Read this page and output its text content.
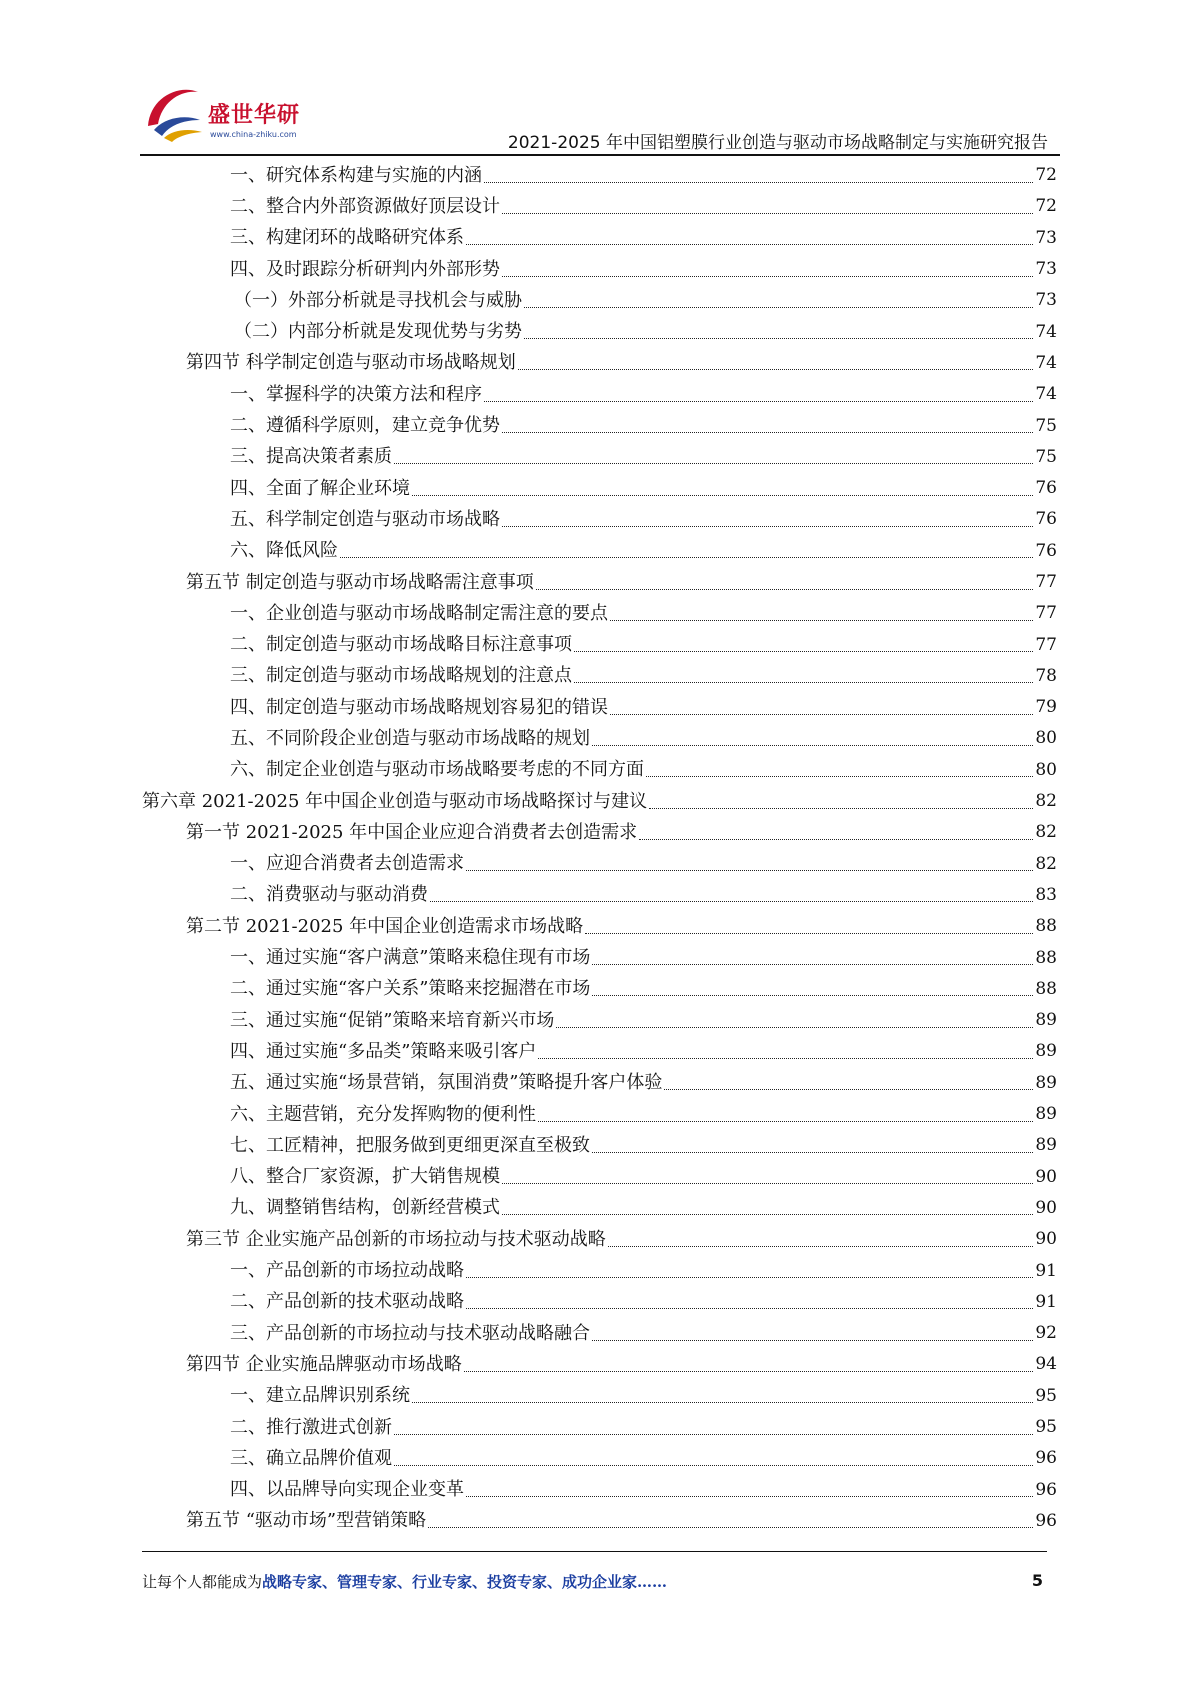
盛世华研
www.china-zhiku.com	2021-2025 年中国铝塑膜行业创造与驱动市场战略制定与实施研究报告
一、研究体系构建与实施的内涵	72
二、整合内外部资源做好顶层设计	72
三、构建闭环的战略研究体系	73
四、及时跟踪分析研判内外部形势	73
（一）外部分析就是寻找机会与威胁	73
（二）内部分析就是发现优势与劣势	74
第四节 科学制定创造与驱动市场战略规划	74
一、掌握科学的决策方法和程序	74
二、遵循科学原则，建立竞争优势	75
三、提高决策者素质	75
四、全面了解企业环境	76
五、科学制定创造与驱动市场战略	76
六、降低风险	76
第五节 制定创造与驱动市场战略需注意事项	77
一、企业创造与驱动市场战略制定需注意的要点	77
二、制定创造与驱动市场战略目标注意事项	77
三、制定创造与驱动市场战略规划的注意点	78
四、制定创造与驱动市场战略规划容易犯的错误	79
五、不同阶段企业创造与驱动市场战略的规划	80
六、制定企业创造与驱动市场战略要考虑的不同方面	80
第六章 2021-2025 年中国企业创造与驱动市场战略探讨与建议	82
第一节 2021-2025 年中国企业应迎合消费者去创造需求	82
一、应迎合消费者去创造需求	82
二、消费驱动与驱动消费	83
第二节 2021-2025 年中国企业创造需求市场战略	88
一、通过实施“客户满意”策略来稳住现有市场	88
二、通过实施“客户关系”策略来挖掘潜在市场	88
三、通过实施“促销”策略来培育新兴市场	89
四、通过实施“多品类”策略来吸引客户	89
五、通过实施“场景营销，氛围消费”策略提升客户体验	89
六、主题营销，充分发挥购物的便利性	89
七、工匠精神，把服务做到更细更深直至极致	89
八、整合厂家资源，扩大销售规模	90
九、调整销售结构，创新经营模式	90
第三节 企业实施产品创新的市场拉动与技术驱动战略	90
一、产品创新的市场拉动战略	91
二、产品创新的技术驱动战略	91
三、产品创新的市场拉动与技术驱动战略融合	92
第四节 企业实施品牌驱动市场战略	94
一、建立品牌识别系统	95
二、推行激进式创新	95
三、确立品牌价值观	96
四、以品牌导向实现企业变革	96
第五节 “驱动市场”型营销策略	96
让每个人都能成为战略专家、管理专家、行业专家、投资专家、成功企业家……	5
